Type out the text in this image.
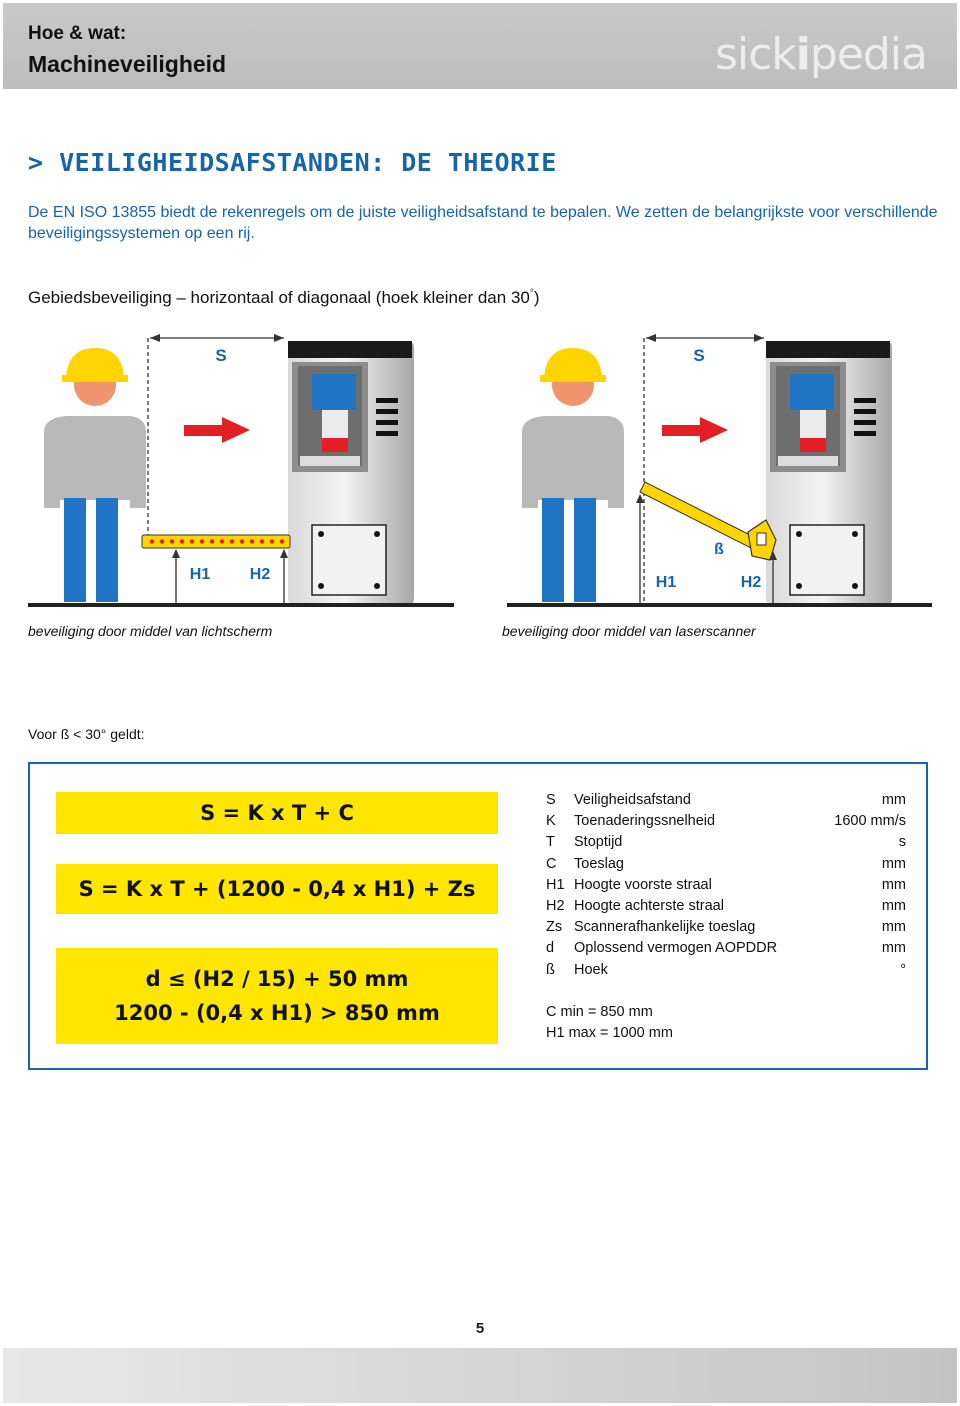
Hoe & wat:
Machineveiligheid	sickipedia
> VEILIGHEIDSAFSTANDEN: DE THEORIE
De EN ISO 13855 biedt de rekenregels om de juiste veiligheidsafstand te bepalen. We zetten de belangrijkste voor verschillende beveiligingssystemen op een rij.
Gebiedsbeveiliging – horizontaal of diagonaal (hoek kleiner dan 30°)
S
H1 H2
S
ß
H1	H2
beveiliging door middel van lichtscherm	beveiliging door middel van laserscanner
Voor ß < 30° geldt:
S = K x T + C
S = K x T + (1200 - 0,4 x H1) + Zs
d ≤ (H2 / 15) + 50 mm
1200 - (0,4 x H1) > 850 mm
S Veiligheidsafstand	mm
K Toenaderingssnelheid	1600 mm/s
T Stoptijd	s
C Toeslag	mm
H1 Hoogte voorste straal	mm
H2 Hoogte achterste straal	mm
Zs Scannerafhankelijke toeslag	mm
d Oplossend vermogen AOPDDR	mm
ß Hoek	°
C min = 850 mm
H1 max = 1000 mm
5
